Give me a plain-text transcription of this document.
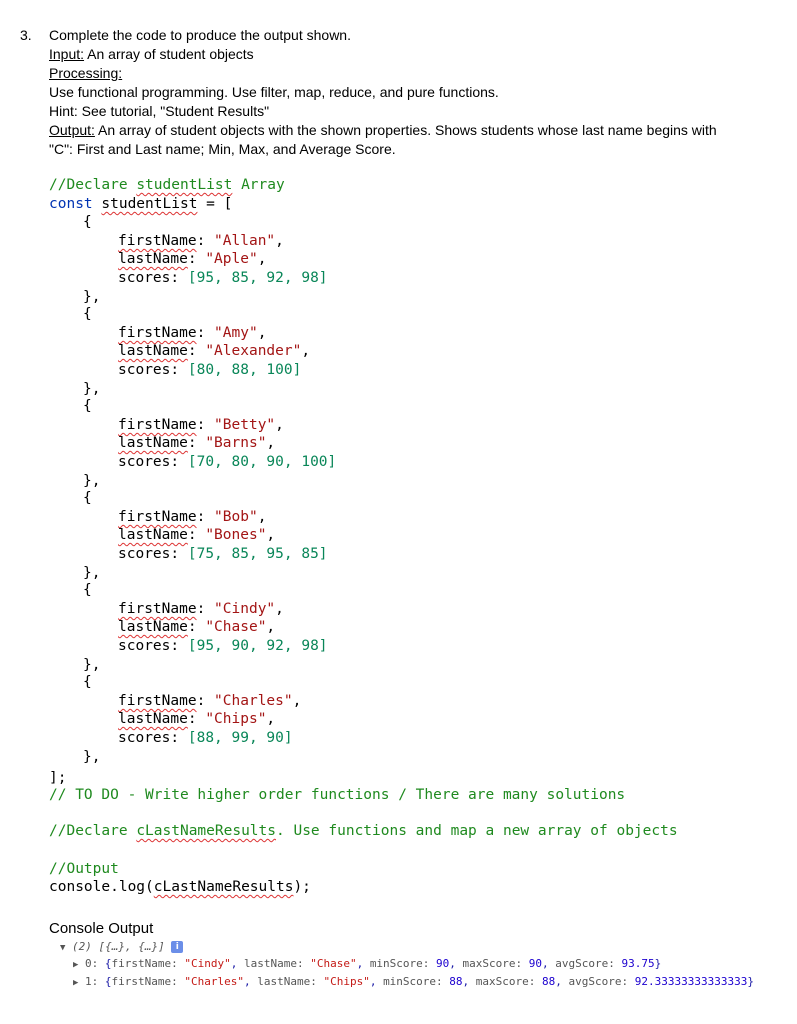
3. Complete the code to produce the output shown.
Input: An array of student objects
Processing:
Use functional programming. Use filter, map, reduce, and pure functions.
Hint: See tutorial, "Student Results"
Output: An array of student objects with the shown properties. Shows students whose last name begins with
"C": First and Last name; Min, Max, and Average Score.
//Declare studentList Array
const studentList = [
{
firstName: "Allan",
lastName: "Aple",
scores: [95, 85, 92, 98]
},
{
firstName: "Amy",
lastName: "Alexander",
scores: [80, 88, 100]
},
{
firstName: "Betty",
lastName: "Barns",
scores: [70, 80, 90, 100]
},
{
firstName: "Bob",
lastName: "Bones",
scores: [75, 85, 95, 85]
},
{
firstName: "Cindy",
lastName: "Chase",
scores: [95, 90, 92, 98]
},
{
firstName: "Charles",
lastName: "Chips",
scores: [88, 99, 90]
},
];
// TO DO - Write higher order functions / There are many solutions
//Declare cLastNameResults. Use functions and map a new array of objects
//Output
console.log(cLastNameResults);
Console Output
▼ (2) [{…}, {…}] i
▶ 0: {firstName: "Cindy", lastName: "Chase", minScore: 90, maxScore: 90, avgScore: 93.75}
▶ 1: {firstName: "Charles", lastName: "Chips", minScore: 88, maxScore: 88, avgScore: 92.33333333333333}
